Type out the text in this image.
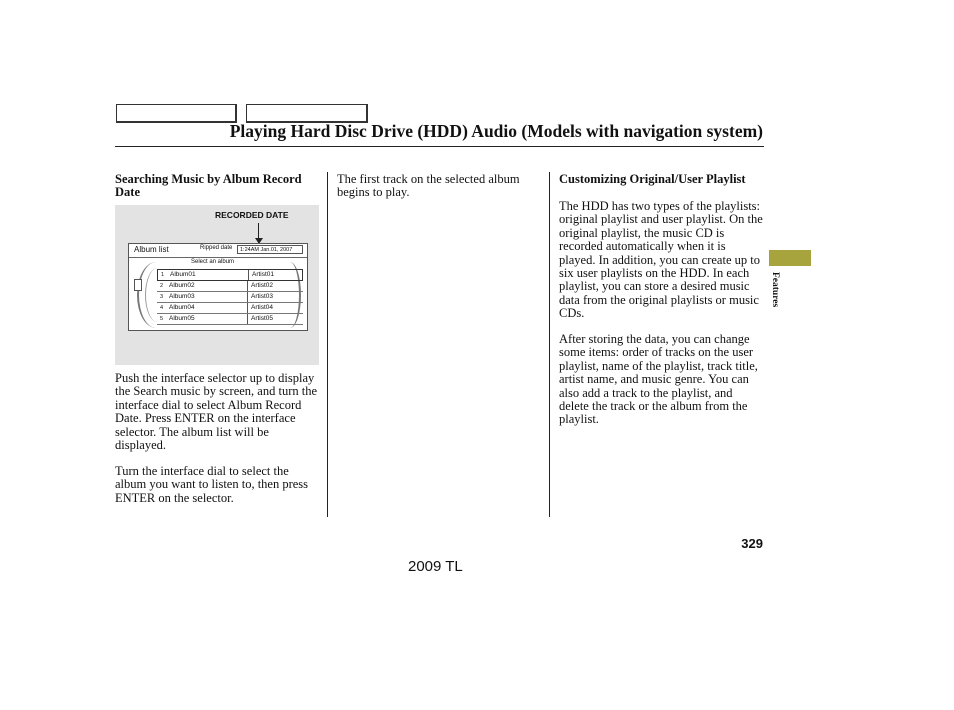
Playing Hard Disc Drive (HDD) Audio (Models with navigation system)
Searching Music by Album Record Date
RECORDED DATE
Album list	Ripped date	1:24AM Jan.01, 2007
Select an album
1 Album01	Artist01
2 Album02	Artist02
3 Album03	Artist03
4 Album04	Artist04
5 Album05	Artist05
Push the interface selector up to display the Search music by screen, and turn the interface dial to select Album Record Date. Press ENTER on the interface selector. The album list will be displayed.
Turn the interface dial to select the album you want to listen to, then press ENTER on the selector.
The first track on the selected album begins to play.
Customizing Original/User Playlist
The HDD has two types of the playlists: original playlist and user playlist. On the original playlist, the music CD is recorded automatically when it is played. In addition, you can create up to six user playlists on the HDD. In each playlist, you can store a desired music data from the original playlists or music CDs.
After storing the data, you can change some items: order of tracks on the user playlist, name of the playlist, track title, artist name, and music genre. You can also add a track to the playlist, and delete the track or the album from the playlist.
Features
329
2009 TL
